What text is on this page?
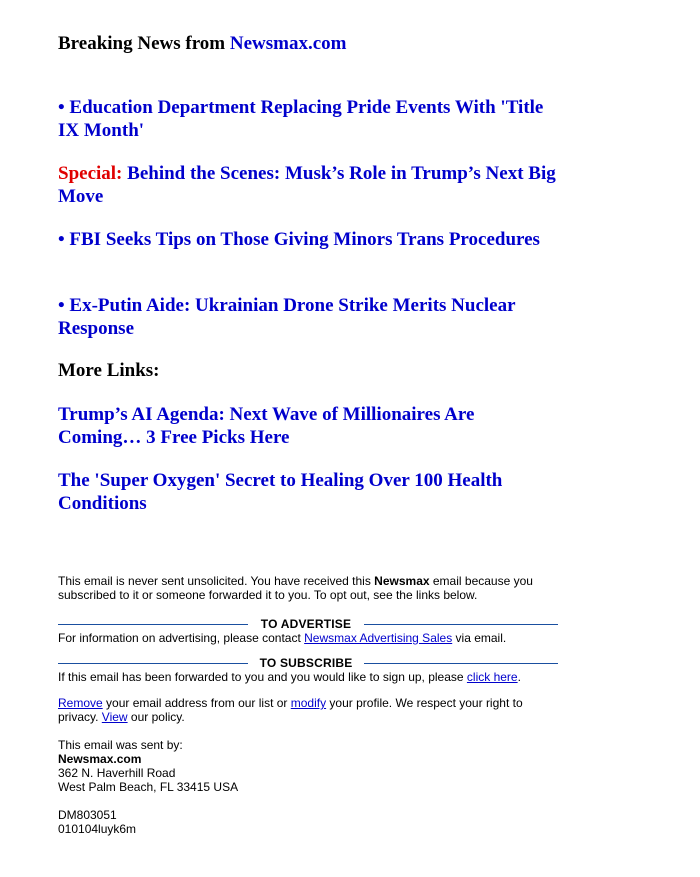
Breaking News from Newsmax.com
• Education Department Replacing Pride Events With 'Title IX Month'
Special: Behind the Scenes: Musk’s Role in Trump’s Next Big Move
• FBI Seeks Tips on Those Giving Minors Trans Procedures
• Ex-Putin Aide: Ukrainian Drone Strike Merits Nuclear Response
More Links:
Trump’s AI Agenda: Next Wave of Millionaires Are Coming… 3 Free Picks Here
The 'Super Oxygen' Secret to Healing Over 100 Health Conditions
This email is never sent unsolicited. You have received this Newsmax email because you subscribed to it or someone forwarded it to you. To opt out, see the links below.
TO ADVERTISE
For information on advertising, please contact Newsmax Advertising Sales via email.
TO SUBSCRIBE
If this email has been forwarded to you and you would like to sign up, please click here.
Remove your email address from our list or modify your profile. We respect your right to privacy. View our policy.
This email was sent by:
Newsmax.com
362 N. Haverhill Road
West Palm Beach, FL 33415 USA
DM803051
010104luyk6m
